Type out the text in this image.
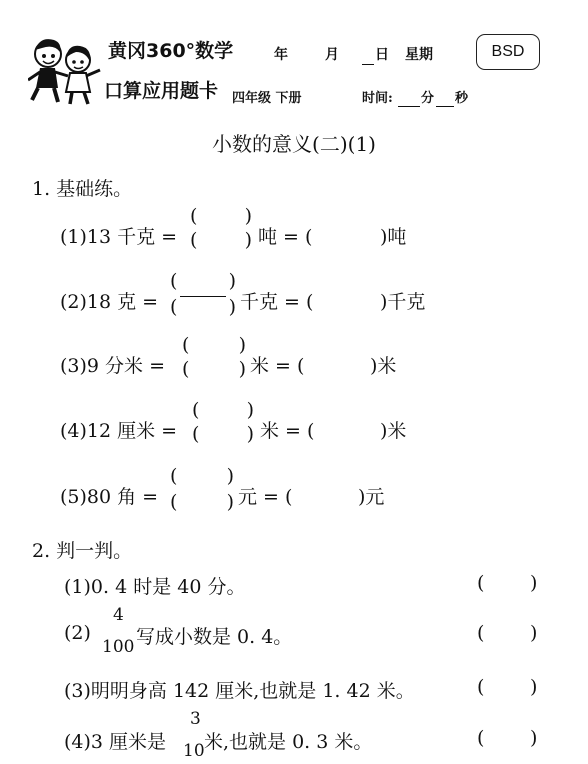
黄冈360°数学
口算应用题卡
年	月	日 星期
四年级 下册	时间: 分 秒
BSD
小数的意义(二)(1)
1. 基础练。
(1)13 千克 =
( )
( ) 吨 = (	)吨
(2)18 克 =
(	)
(	) 千克 = (	)千克
(3)9 分米 =
(	)
(	) 米 = (	)米
(4)12 厘米 =
( )
( ) 米 = (	)米
(5)80 角 =
(	)
(	) 元 = (	)元
2. 判一判。
(1)0. 4 时是 40 分。	( )
(2)
4
100 写成小数是 0. 4。	( )
(3)明明身高 142 厘米,也就是 1. 42 米。	( )
(4)3 厘米是
3
10 米,也就是 0. 3 米。	( )
